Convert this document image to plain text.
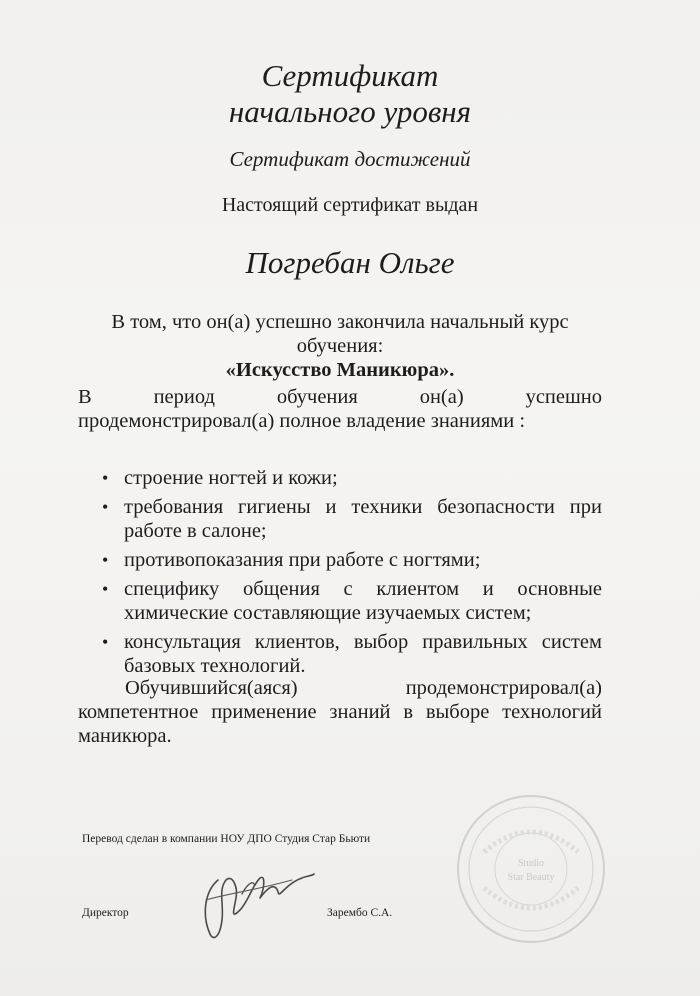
Сертификат
начального уровня
Сертификат достижений
Настоящий сертификат выдан
Погребан Ольге
В том, что он(а) успешно закончила начальный курс обучения:
«Искусство Маникюра».
В период обучения он(а) успешно
продемонстрировал(а) полное владение знаниями :
• строение ногтей и кожи;
• требования гигиены и техники безопасности при работе в салоне;
• противопоказания при работе с ногтями;
• специфику общения с клиентом и основные химические составляющие изучаемых систем;
• консультация клиентов, выбор правильных систем базовых технологий.
Обучившийся(аяся) продемонстрировал(а)
компетентное применение знаний в выборе технологий маникюра.
Studio
Star Beauty
Перевод сделан в компании НОУ ДПО Студия Стар Бьюти
Директор	Зарембо С.А.
